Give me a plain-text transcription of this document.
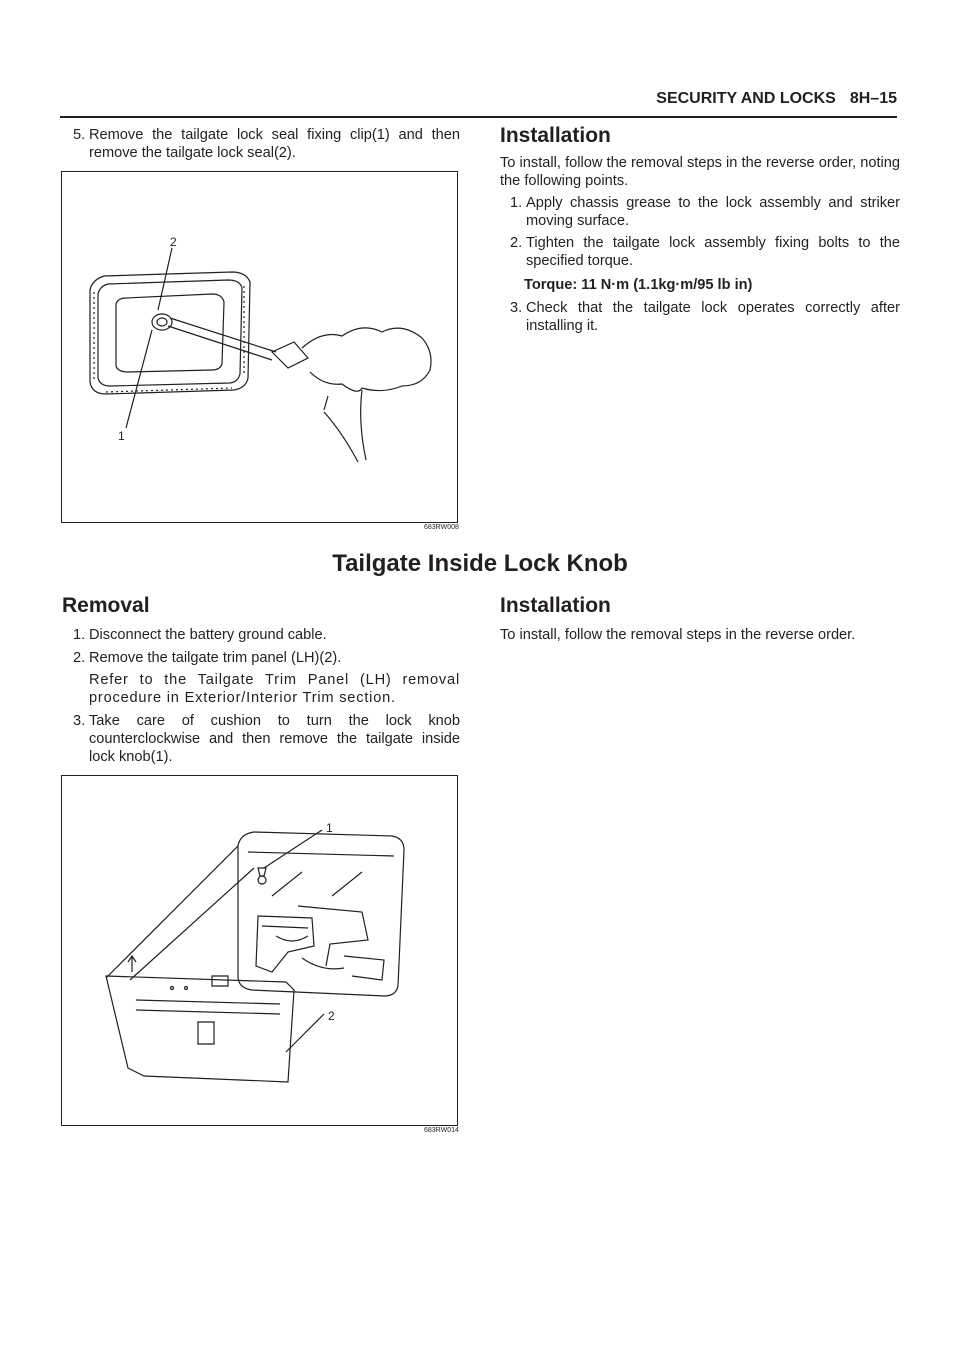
SECURITY AND LOCKS 8H–15
5. Remove the tailgate lock seal fixing clip(1) and then remove the tailgate lock seal(2).
2
1
683RW008
Installation

To install, follow the removal steps in the reverse order, noting the following points.

1. Apply chassis grease to the lock assembly and striker moving surface.
2. Tighten the tailgate lock assembly fixing bolts to the specified torque.
Torque: 11 N·m (1.1kg·m/95 lb in)
3. Check that the tailgate lock operates correctly after installing it.
Tailgate Inside Lock Knob
Removal
1. Disconnect the battery ground cable.
2. Remove the tailgate trim panel (LH)(2).
Refer to the Tailgate Trim Panel (LH) removal procedure in Exterior/Interior Trim section.
3. Take care of cushion to turn the lock knob counterclockwise and then remove the tailgate inside lock knob(1).
1
2
683RW014
Installation

To install, follow the removal steps in the reverse order.
